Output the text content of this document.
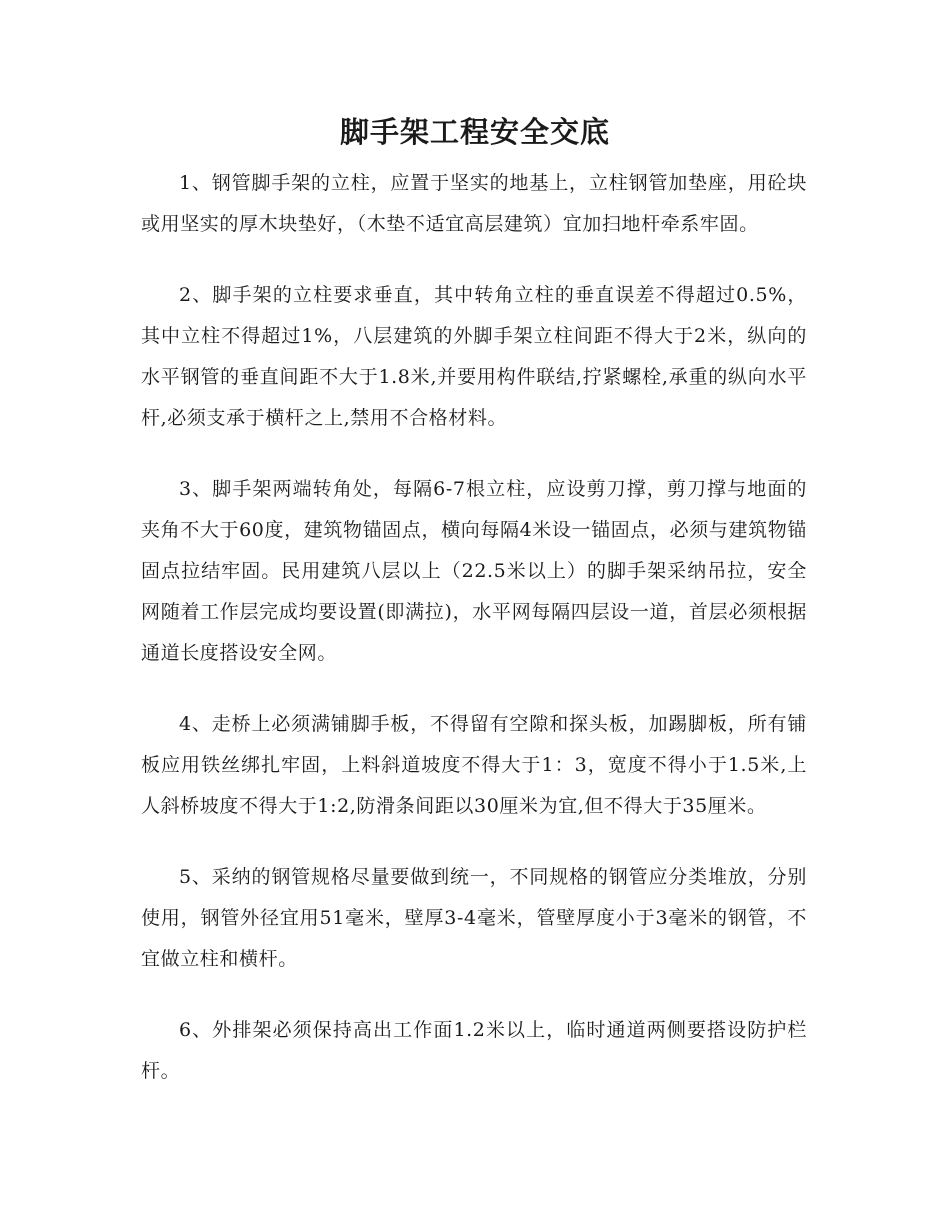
脚手架工程安全交底

1、钢管脚手架的立柱，应置于坚实的地基上，立柱钢管加垫座，用砼块或用坚实的厚木块垫好，（木垫不适宜高层建筑）宜加扫地杆牵系牢固。

2、脚手架的立柱要求垂直，其中转角立柱的垂直误差不得超过0.5%，其中立柱不得超过1%，八层建筑的外脚手架立柱间距不得大于2米，纵向的水平钢管的垂直间距不大于1.8米,并要用构件联结,拧紧螺栓,承重的纵向水平杆,必须支承于横杆之上,禁用不合格材料。

3、脚手架两端转角处，每隔6-7根立柱，应设剪刀撑，剪刀撑与地面的夹角不大于60度，建筑物锚固点，横向每隔4米设一锚固点，必须与建筑物锚固点拉结牢固。民用建筑八层以上（22.5米以上）的脚手架采纳吊拉，安全网随着工作层完成均要设置(即满拉)，水平网每隔四层设一道，首层必须根据通道长度搭设安全网。

4、走桥上必须满铺脚手板，不得留有空隙和探头板，加踢脚板，所有铺板应用铁丝绑扎牢固，上料斜道坡度不得大于1：3，宽度不得小于1.5米,上人斜桥坡度不得大于1:2,防滑条间距以30厘米为宜,但不得大于35厘米。

5、采纳的钢管规格尽量要做到统一，不同规格的钢管应分类堆放，分别使用，钢管外径宜用51毫米，壁厚3-4毫米，管壁厚度小于3毫米的钢管，不宜做立柱和横杆。

6、外排架必须保持高出工作面1.2米以上，临时通道两侧要搭设防护栏杆。
